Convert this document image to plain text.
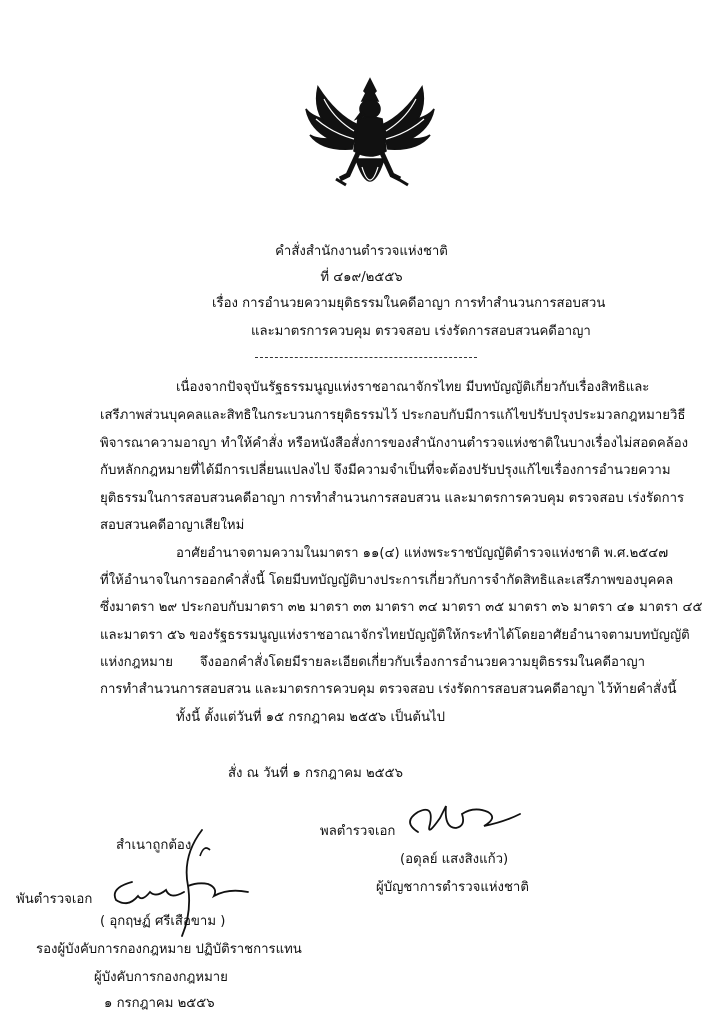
คำสั่งสำนักงานตำรวจแห่งชาติ
ที่ ๔๑๙/๒๕๕๖
เรื่อง การอำนวยความยุติธรรมในคดีอาญา การทำสำนวนการสอบสวน
และมาตรการควบคุม ตรวจสอบ เร่งรัดการสอบสวนคดีอาญา
เนื่องจากปัจจุบันรัฐธรรมนูญแห่งราชอาณาจักรไทย มีบทบัญญัติเกี่ยวกับเรื่องสิทธิและ
เสรีภาพส่วนบุคคลและสิทธิในกระบวนการยุติธรรมไว้ ประกอบกับมีการแก้ไขปรับปรุงประมวลกฎหมายวิธี
พิจารณาความอาญา ทำให้คำสั่ง หรือหนังสือสั่งการของสำนักงานตำรวจแห่งชาติในบางเรื่องไม่สอดคล้อง
กับหลักกฎหมายที่ได้มีการเปลี่ยนแปลงไป จึงมีความจำเป็นที่จะต้องปรับปรุงแก้ไขเรื่องการอำนวยความ
ยุติธรรมในการสอบสวนคดีอาญา การทำสำนวนการสอบสวน และมาตรการควบคุม ตรวจสอบ เร่งรัดการ
สอบสวนคดีอาญาเสียใหม่
อาศัยอำนาจตามความในมาตรา ๑๑(๔) แห่งพระราชบัญญัติตำรวจแห่งชาติ พ.ศ.๒๕๔๗
ที่ให้อำนาจในการออกคำสั่งนี้ โดยมีบทบัญญัติบางประการเกี่ยวกับการจำกัดสิทธิและเสรีภาพของบุคคล
ซึ่งมาตรา ๒๙ ประกอบกับมาตรา ๓๒ มาตรา ๓๓ มาตรา ๓๔ มาตรา ๓๕ มาตรา ๓๖ มาตรา ๔๑ มาตรา ๔๕
และมาตรา ๕๖ ของรัฐธรรมนูญแห่งราชอาณาจักรไทยบัญญัติให้กระทำได้โดยอาศัยอำนาจตามบทบัญญัติ
แห่งกฎหมาย จึงออกคำสั่งโดยมีรายละเอียดเกี่ยวกับเรื่องการอำนวยความยุติธรรมในคดีอาญา
การทำสำนวนการสอบสวน และมาตรการควบคุม ตรวจสอบ เร่งรัดการสอบสวนคดีอาญา ไว้ท้ายคำสั่งนี้
ทั้งนี้ ตั้งแต่วันที่ ๑๕ กรกฎาคม ๒๕๕๖ เป็นต้นไป
สั่ง ณ วันที่ ๑ กรกฎาคม ๒๕๕๖
พลตำรวจเอก
(อดุลย์ แสงสิงแก้ว)
ผู้บัญชาการตำรวจแห่งชาติ
สำเนาถูกต้อง
พันตำรวจเอก
( อุกฤษฏ์ ศรีเสือขาม )
รองผู้บังคับการกองกฎหมาย ปฏิบัติราชการแทน
ผู้บังคับการกองกฎหมาย
๑ กรกฎาคม ๒๕๕๖
